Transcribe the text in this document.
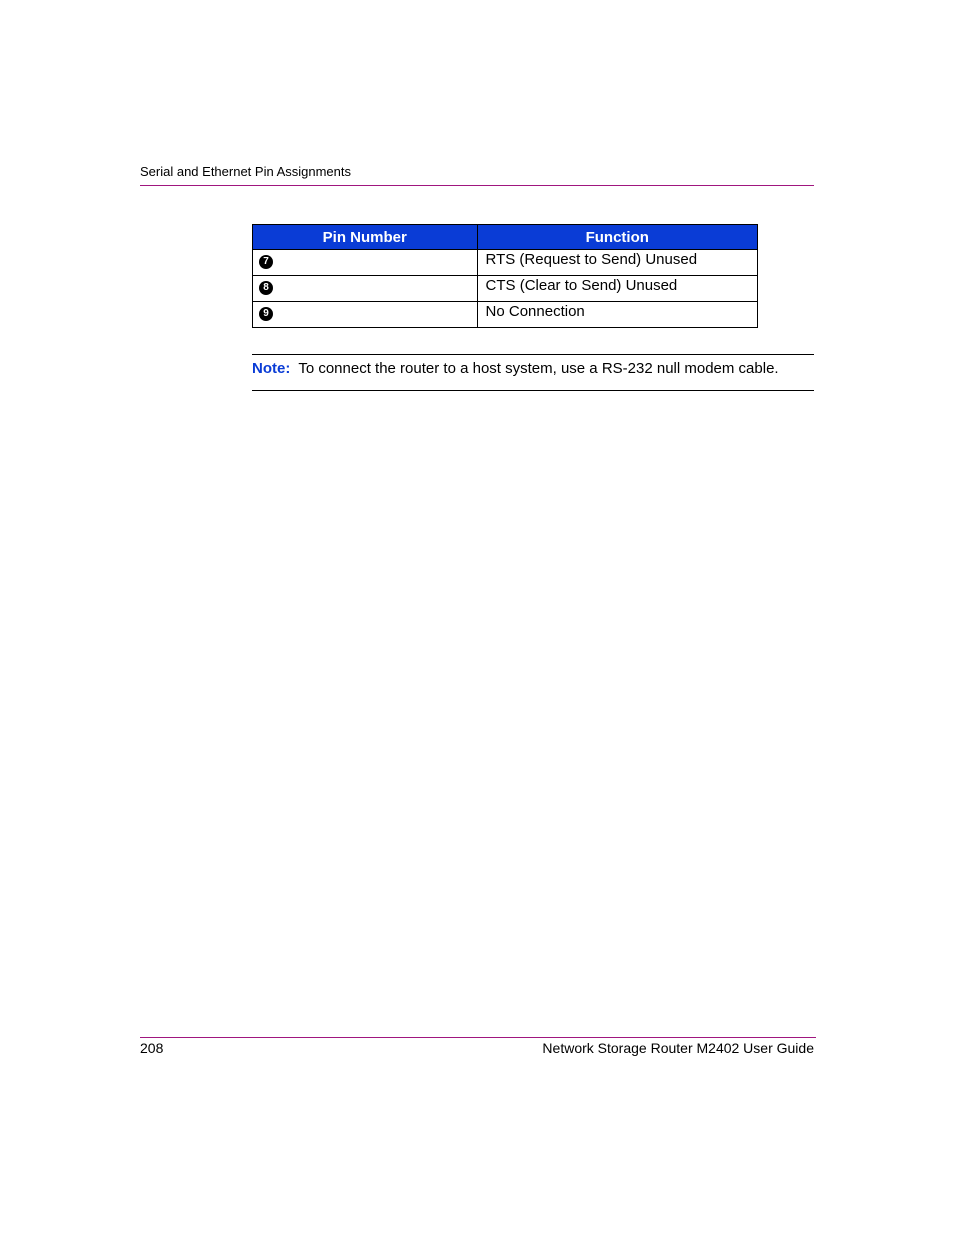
Serial and Ethernet Pin Assignments
Pin Number	Function
7	RTS (Request to Send) Unused
8	CTS (Clear to Send) Unused
9	No Connection
Note: To connect the router to a host system, use a RS-232 null modem cable.
208	Network Storage Router M2402 User Guide
